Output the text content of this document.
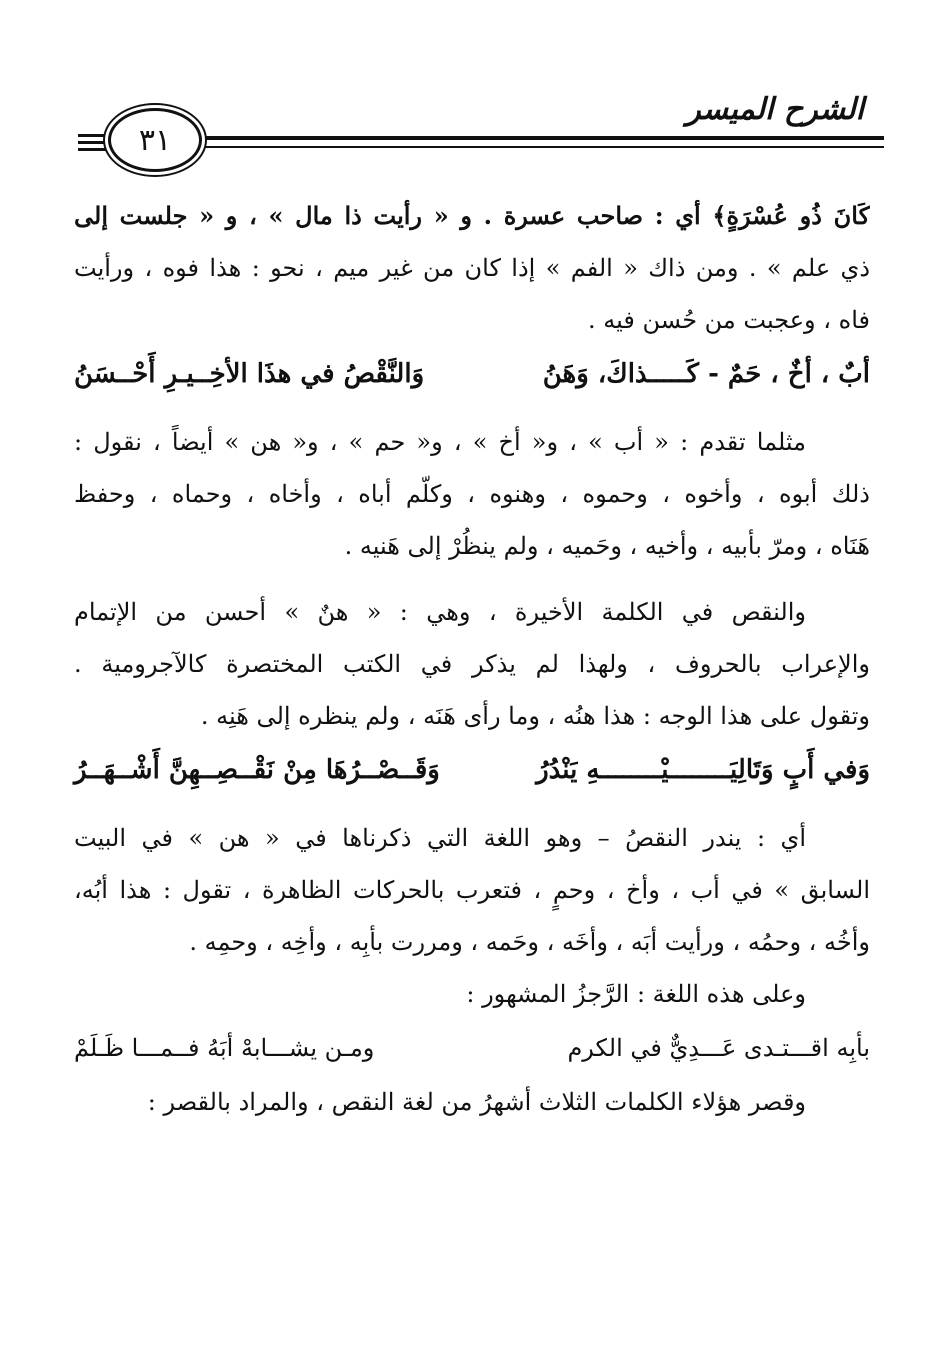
الشرح الميسر
٣١
كَانَ ذُو عُسْرَةٍ﴾ أي : صاحب عسرة . و « رأيت ذا مال » ، و « جلست إلى
ذي علم » . ومن ذاك « الفم » إذا كان من غير ميم ، نحو : هذا فوه ، ورأيت
فاه ، وعجبت من حُسن فيه .
أبٌ ، أخٌ ، حَمٌ - كَـــــذاكَ، وَهَنُ
وَالنَّقْصُ في هذَا الأخِــيـرِ أَحْــسَنُ
مثلما تقدم : « أب » ، و« أخ » ، و« حم » ، و« هن » أيضاً ، نقول :
ذلك أبوه ، وأخوه ، وحموه ، وهنوه ، وكلّم أباه ، وأخاه ، وحماه ، وحفظ
هَنَاه ، ومرّ بأبيه ، وأخيه ، وحَميه ، ولم ينظُرْ إلى هَنيه .
والنقص في الكلمة الأخيرة ، وهي : « هنٌ » أحسن من الإتمام
والإعراب بالحروف ، ولهذا لم يذكر في الكتب المختصرة كالآجرومية .
وتقول على هذا الوجه : هذا هنُه ، وما رأى هَنَه ، ولم ينظره إلى هَنِه .
وَفي أَبٍ وَتَالِيَــــــــيْــــــــهِ يَنْدُرُ
وَقَــصْــرُهَا مِنْ نَقْــصِــهِنَّ أَشْــهَــرُ
أي : يندر النقصُ – وهو اللغة التي ذكرناها في « هن » في البيت
السابق » في أب ، وأخ ، وحمٍ ، فتعرب بالحركات الظاهرة ، تقول : هذا أبُه،
وأخُه ، وحمُه ، ورأيت أبَه ، وأخَه ، وحَمه ، ومررت بأبِه ، وأخِه ، وحمِه .
وعلى هذه اللغة : الرَّجزُ المشهور :
بأبِه اقـــتـدى عَـــدِيٌّ في الكرم
ومـن يشـــابهْ أبَهُ فــمـــا ظَـلَمْ
وقصر هؤلاء الكلمات الثلاث أشهرُ من لغة النقص ، والمراد بالقصر :
